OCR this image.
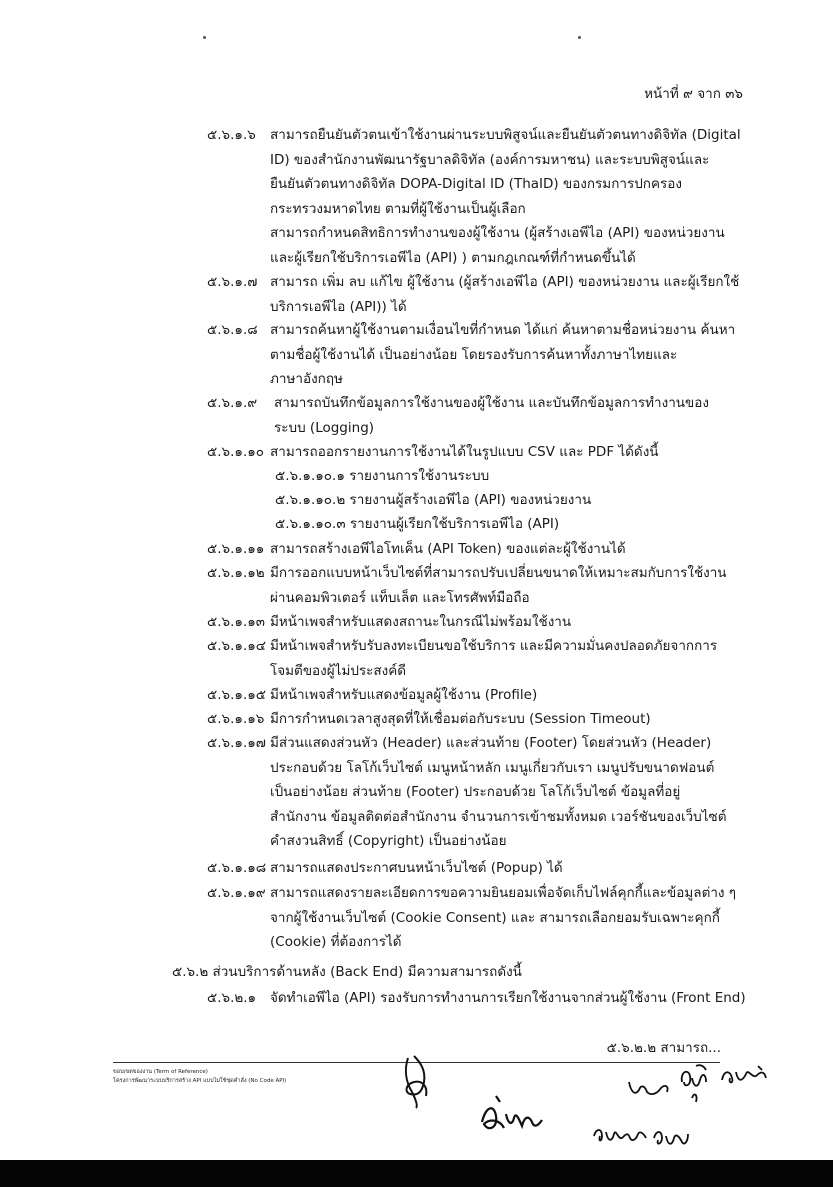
หน้าที่ ๙ จาก ๓๖
๕.๖.๑.๖ สามารถยืนยันตัวตนเข้าใช้งานผ่านระบบพิสูจน์และยืนยันตัวตนทางดิจิทัล (Digital
ID) ของสำนักงานพัฒนารัฐบาลดิจิทัล (องค์การมหาชน) และระบบพิสูจน์และ
ยืนยันตัวตนทางดิจิทัล DOPA-Digital ID (ThaID) ของกรมการปกครอง
กระทรวงมหาดไทย ตามที่ผู้ใช้งานเป็นผู้เลือก
สามารถกำหนดสิทธิการทำงานของผู้ใช้งาน (ผู้สร้างเอพีไอ (API) ของหน่วยงาน
และผู้เรียกใช้บริการเอพีไอ (API) ) ตามกฎเกณฑ์ที่กำหนดขึ้นได้
๕.๖.๑.๗ สามารถ เพิ่ม ลบ แก้ไข ผู้ใช้งาน (ผู้สร้างเอพีไอ (API) ของหน่วยงาน และผู้เรียกใช้
บริการเอพีไอ (API)) ได้
๕.๖.๑.๘ สามารถค้นหาผู้ใช้งานตามเงื่อนไขที่กำหนด ได้แก่ ค้นหาตามชื่อหน่วยงาน ค้นหา
ตามชื่อผู้ใช้งานได้ เป็นอย่างน้อย โดยรองรับการค้นหาทั้งภาษาไทยและ
ภาษาอังกฤษ
๕.๖.๑.๙ สามารถบันทึกข้อมูลการใช้งานของผู้ใช้งาน และบันทึกข้อมูลการทำงานของ
ระบบ (Logging)
๕.๖.๑.๑๐ สามารถออกรายงานการใช้งานได้ในรูปแบบ CSV และ PDF ได้ดังนี้
๕.๖.๑.๑๐.๑ รายงานการใช้งานระบบ
๕.๖.๑.๑๐.๒ รายงานผู้สร้างเอพีไอ (API) ของหน่วยงาน
๕.๖.๑.๑๐.๓ รายงานผู้เรียกใช้บริการเอพีไอ (API)
๕.๖.๑.๑๑ สามารถสร้างเอพีไอโทเค็น (API Token) ของแต่ละผู้ใช้งานได้
๕.๖.๑.๑๒ มีการออกแบบหน้าเว็บไซต์ที่สามารถปรับเปลี่ยนขนาดให้เหมาะสมกับการใช้งาน
ผ่านคอมพิวเตอร์ แท็บเล็ต และโทรศัพท์มือถือ
๕.๖.๑.๑๓ มีหน้าเพจสำหรับแสดงสถานะในกรณีไม่พร้อมใช้งาน
๕.๖.๑.๑๔ มีหน้าเพจสำหรับรับลงทะเบียนขอใช้บริการ และมีความมั่นคงปลอดภัยจากการ
โจมตีของผู้ไม่ประสงค์ดี
๕.๖.๑.๑๕ มีหน้าเพจสำหรับแสดงข้อมูลผู้ใช้งาน (Profile)
๕.๖.๑.๑๖ มีการกำหนดเวลาสูงสุดที่ให้เชื่อมต่อกับระบบ (Session Timeout)
๕.๖.๑.๑๗ มีส่วนแสดงส่วนหัว (Header) และส่วนท้าย (Footer) โดยส่วนหัว (Header)
ประกอบด้วย โลโก้เว็บไซต์ เมนูหน้าหลัก เมนูเกี่ยวกับเรา เมนูปรับขนาดฟอนต์
เป็นอย่างน้อย ส่วนท้าย (Footer) ประกอบด้วย โลโก้เว็บไซต์ ข้อมูลที่อยู่
สำนักงาน ข้อมูลติดต่อสำนักงาน จำนวนการเข้าชมทั้งหมด เวอร์ชันของเว็บไซต์
คำสงวนสิทธิ์ (Copyright) เป็นอย่างน้อย
๕.๖.๑.๑๘ สามารถแสดงประกาศบนหน้าเว็บไซต์ (Popup) ได้
๕.๖.๑.๑๙ สามารถแสดงรายละเอียดการขอความยินยอมเพื่อจัดเก็บไฟล์คุกกี้และข้อมูลต่าง ๆ
จากผู้ใช้งานเว็บไซต์ (Cookie Consent) และ สามารถเลือกยอมรับเฉพาะคุกกี้
(Cookie) ที่ต้องการได้
๕.๖.๒ ส่วนบริการด้านหลัง (Back End) มีความสามารถดังนี้
๕.๖.๒.๑ จัดทำเอพีไอ (API) รองรับการทำงานการเรียกใช้งานจากส่วนผู้ใช้งาน (Front End)
๕.๖.๒.๒ สามารถ...
ขอบเขตของงาน (Term of Reference)
โครงการพัฒนาระบบบริการสร้าง API แบบไม่ใช้ชุดคำสั่ง (No Code API)
